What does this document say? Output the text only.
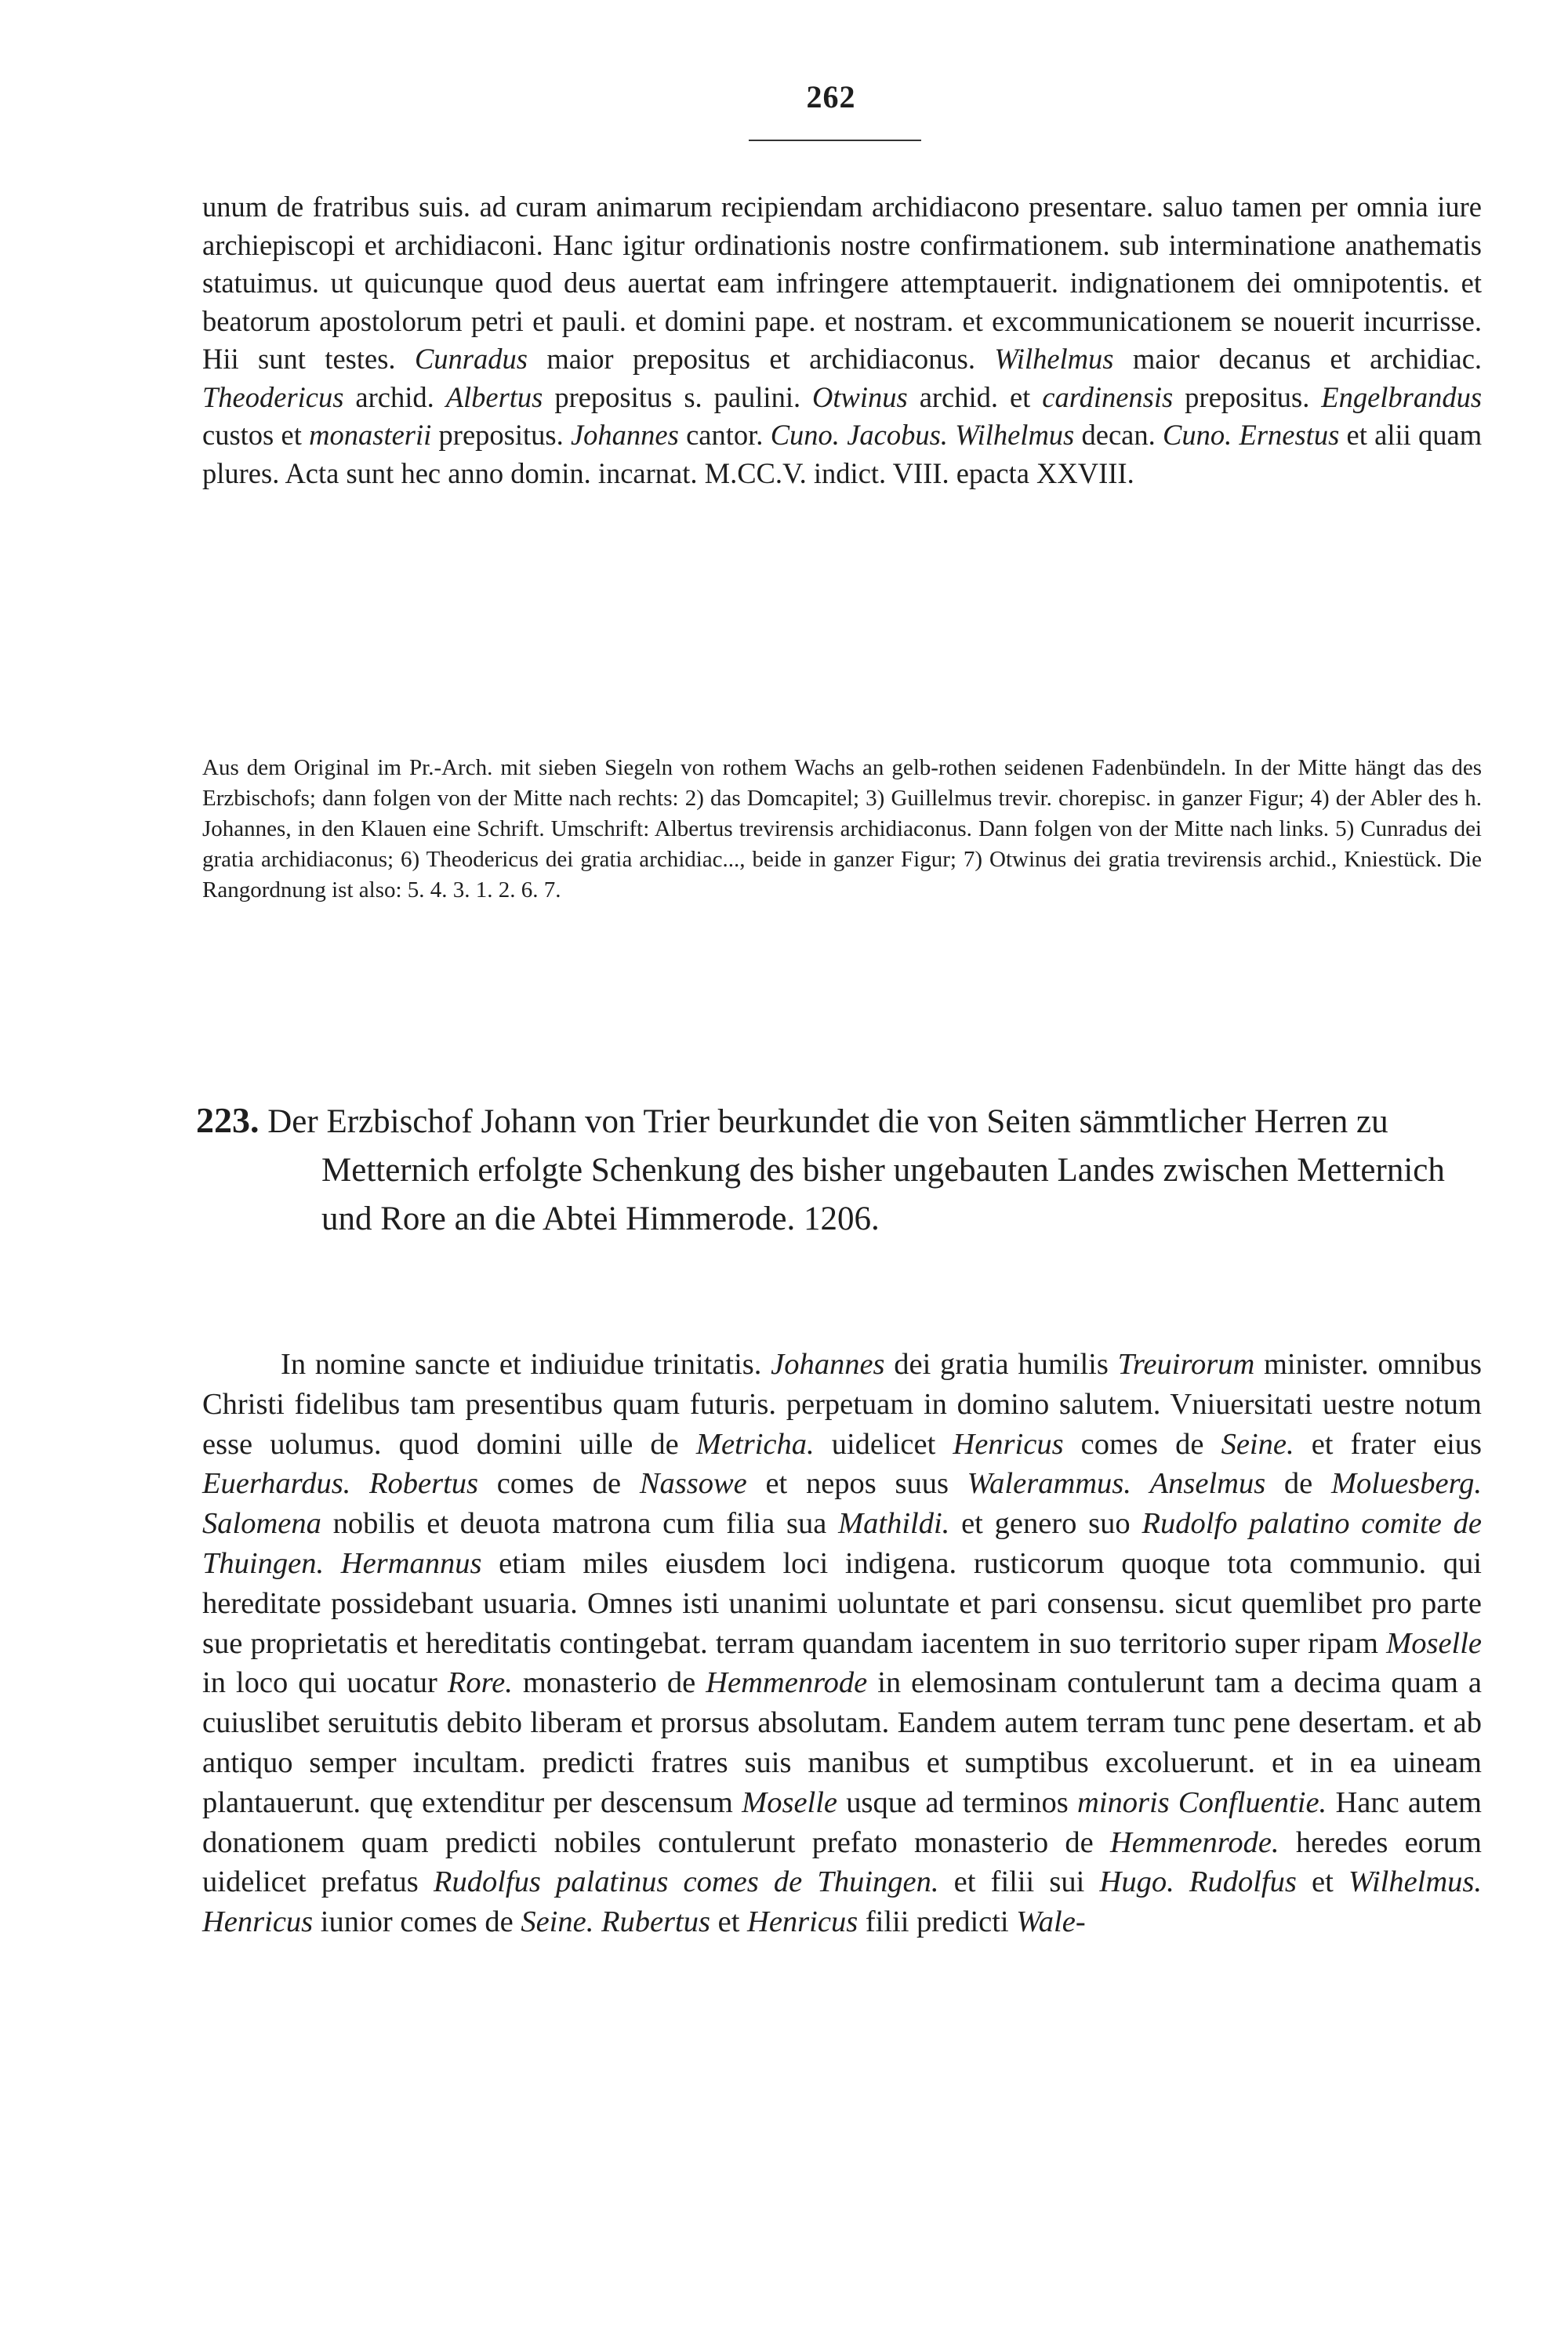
262

unum de fratribus suis. ad curam animarum recipiendam archidiacono presentare. saluo tamen per omnia iure archiepiscopi et archidiaconi. Hanc igitur ordinationis nostre confirmationem. sub interminatione anathematis statuimus. ut quicunque quod deus auertat eam infringere attemptauerit. indignationem dei omnipotentis. et beatorum apostolorum petri et pauli. et domini pape. et nostram. et excommunicationem se nouerit incurrisse. Hii sunt testes. Cunradus maior prepositus et archidiaconus. Wilhelmus maior decanus et archidiac. Theodericus archid. Albertus prepositus s. paulini. Otwinus archid. et cardinensis prepositus. Engelbrandus custos et monasterii prepositus. Johannes cantor. Cuno. Jacobus. Wilhelmus decan. Cuno. Ernestus et alii quam plures. Acta sunt hec anno domin. incarnat. M.CC.V. indict. VIII. epacta XXVIII.

Aus dem Original im Pr.-Arch. mit sieben Siegeln von rothem Wachs an gelb-rothen seidenen Fadenbündeln. In der Mitte hängt das des Erzbischofs; dann folgen von der Mitte nach rechts: 2) das Domcapitel; 3) Guillelmus trevir. chorepisc. in ganzer Figur; 4) der Abler des h. Johannes, in den Klauen eine Schrift. Umschrift: Albertus trevirensis archidiaconus. Dann folgen von der Mitte nach links. 5) Cunradus dei gratia archidiaconus; 6) Theodericus dei gratia archidiac..., beide in ganzer Figur; 7) Otwinus dei gratia trevirensis archid., Kniestück. Die Rangordnung ist also: 5. 4. 3. 1. 2. 6. 7.

223. Der Erzbischof Johann von Trier beurkundet die von Seiten sämmtlicher Herren zu Metternich erfolgte Schenkung des bisher ungebauten Landes zwischen Metternich und Rore an die Abtei Himmerode. 1206.

In nomine sancte et indiuidue trinitatis. Johannes dei gratia humilis Treuirorum minister. omnibus Christi fidelibus tam presentibus quam futuris. perpetuam in domino salutem. Vniuersitati uestre notum esse uolumus. quod domini uille de Metricha. uidelicet Henricus comes de Seine. et frater eius Euerhardus. Robertus comes de Nassowe et nepos suus Walerammus. Anselmus de Moluesberg. Salomena nobilis et deuota matrona cum filia sua Mathildi. et genero suo Rudolfo palatino comite de Thuingen. Hermannus etiam miles eiusdem loci indigena. rusticorum quoque tota communio. qui hereditate possidebant usuaria. Omnes isti unanimi uoluntate et pari consensu. sicut quemlibet pro parte sue proprietatis et hereditatis contingebat. terram quandam iacentem in suo territorio super ripam Moselle in loco qui uocatur Rore. monasterio de Hemmenrode in elemosinam contulerunt tam a decima quam a cuiuslibet seruitutis debito liberam et prorsus absolutam. Eandem autem terram tunc pene desertam. et ab antiquo semper incultam. predicti fratres suis manibus et sumptibus excoluerunt. et in ea uineam plantauerunt. quę extenditur per descensum Moselle usque ad terminos minoris Confluentie. Hanc autem donationem quam predicti nobiles contulerunt prefato monasterio de Hemmenrode. heredes eorum uidelicet prefatus Rudolfus palatinus comes de Thuingen. et filii sui Hugo. Rudolfus et Wilhelmus. Henricus iunior comes de Seine. Rubertus et Henricus filii predicti Wale-
